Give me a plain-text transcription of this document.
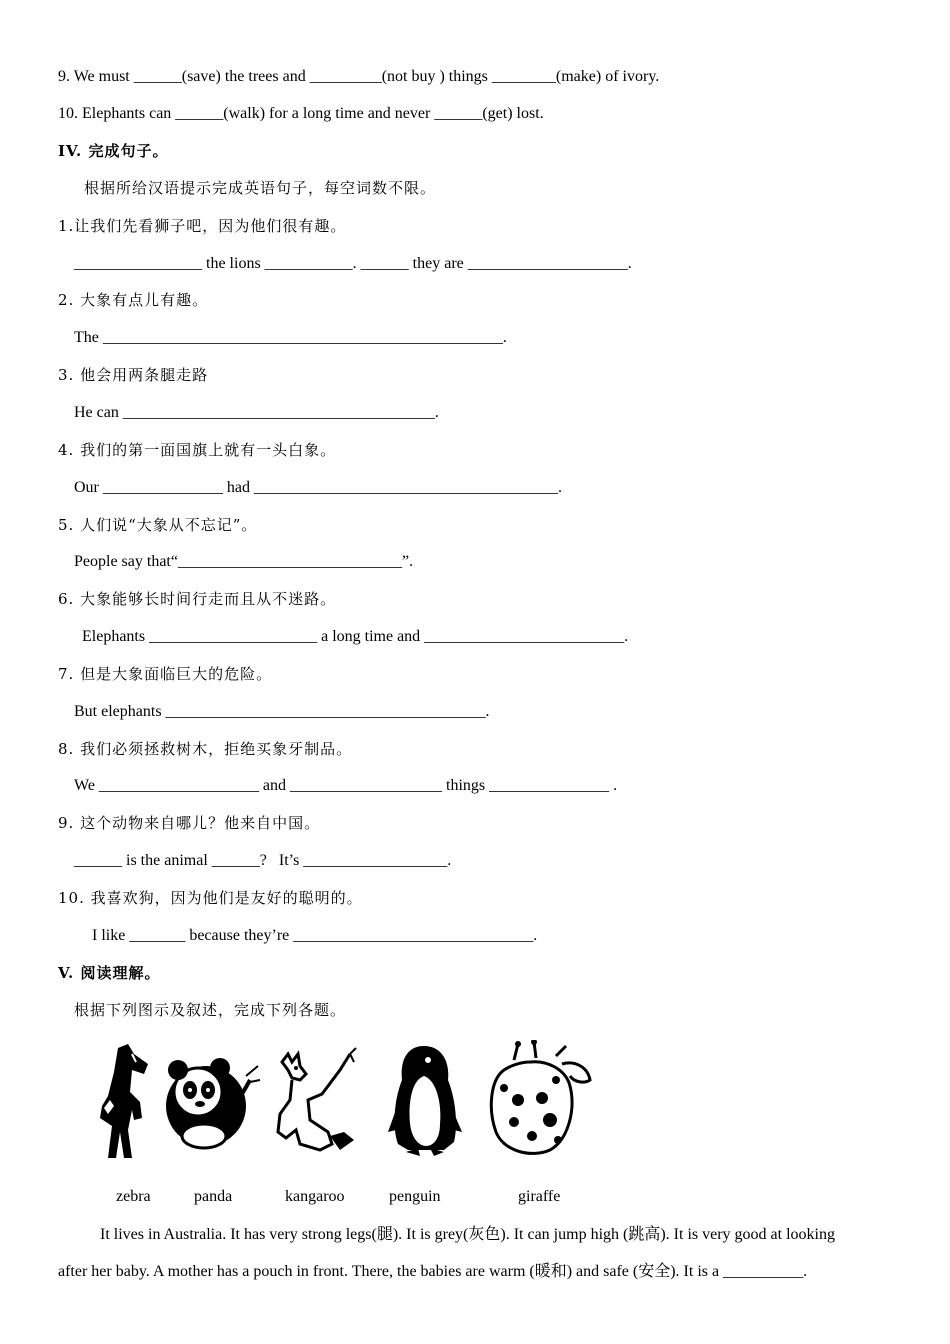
9. We must ______(save) the trees and _________(not buy ) things ________(make) of ivory.
10. Elephants can ______(walk) for a long time and never ______(get) lost.
IV. 完成句子。
根据所给汉语提示完成英语句子，每空词数不限。
1.让我们先看狮子吧，因为他们很有趣。
________________ the lions ___________. ______ they are ____________________.
2. 大象有点儿有趣。
The __________________________________________________.
3. 他会用两条腿走路
He can _______________________________________.
4. 我们的第一面国旗上就有一头白象。
Our _______________ had ______________________________________.
5. 人们说“大象从不忘记”。
People say that“____________________________”.
6. 大象能够长时间行走而且从不迷路。
Elephants _____________________ a long time and _________________________.
7. 但是大象面临巨大的危险。
But elephants ________________________________________.
8. 我们必须拯救树木，拒绝买象牙制品。
We ____________________ and ___________________ things _______________ .
9. 这个动物来自哪儿？他来自中国。
______ is the animal ______?   It’s __________________.
10. 我喜欢狗，因为他们是友好的聪明的。
I like _______ because they’re ______________________________.
V. 阅读理解。
根据下列图示及叙述，完成下列各题。
zebra	panda	kangaroo	penguin	giraffe
It lives in Australia. It has very strong legs(腿). It is grey(灰色). It can jump high (跳高). It is very good at looking
after her baby. A mother has a pouch in front. There, the babies are warm (暖和) and safe (安全). It is a __________.
